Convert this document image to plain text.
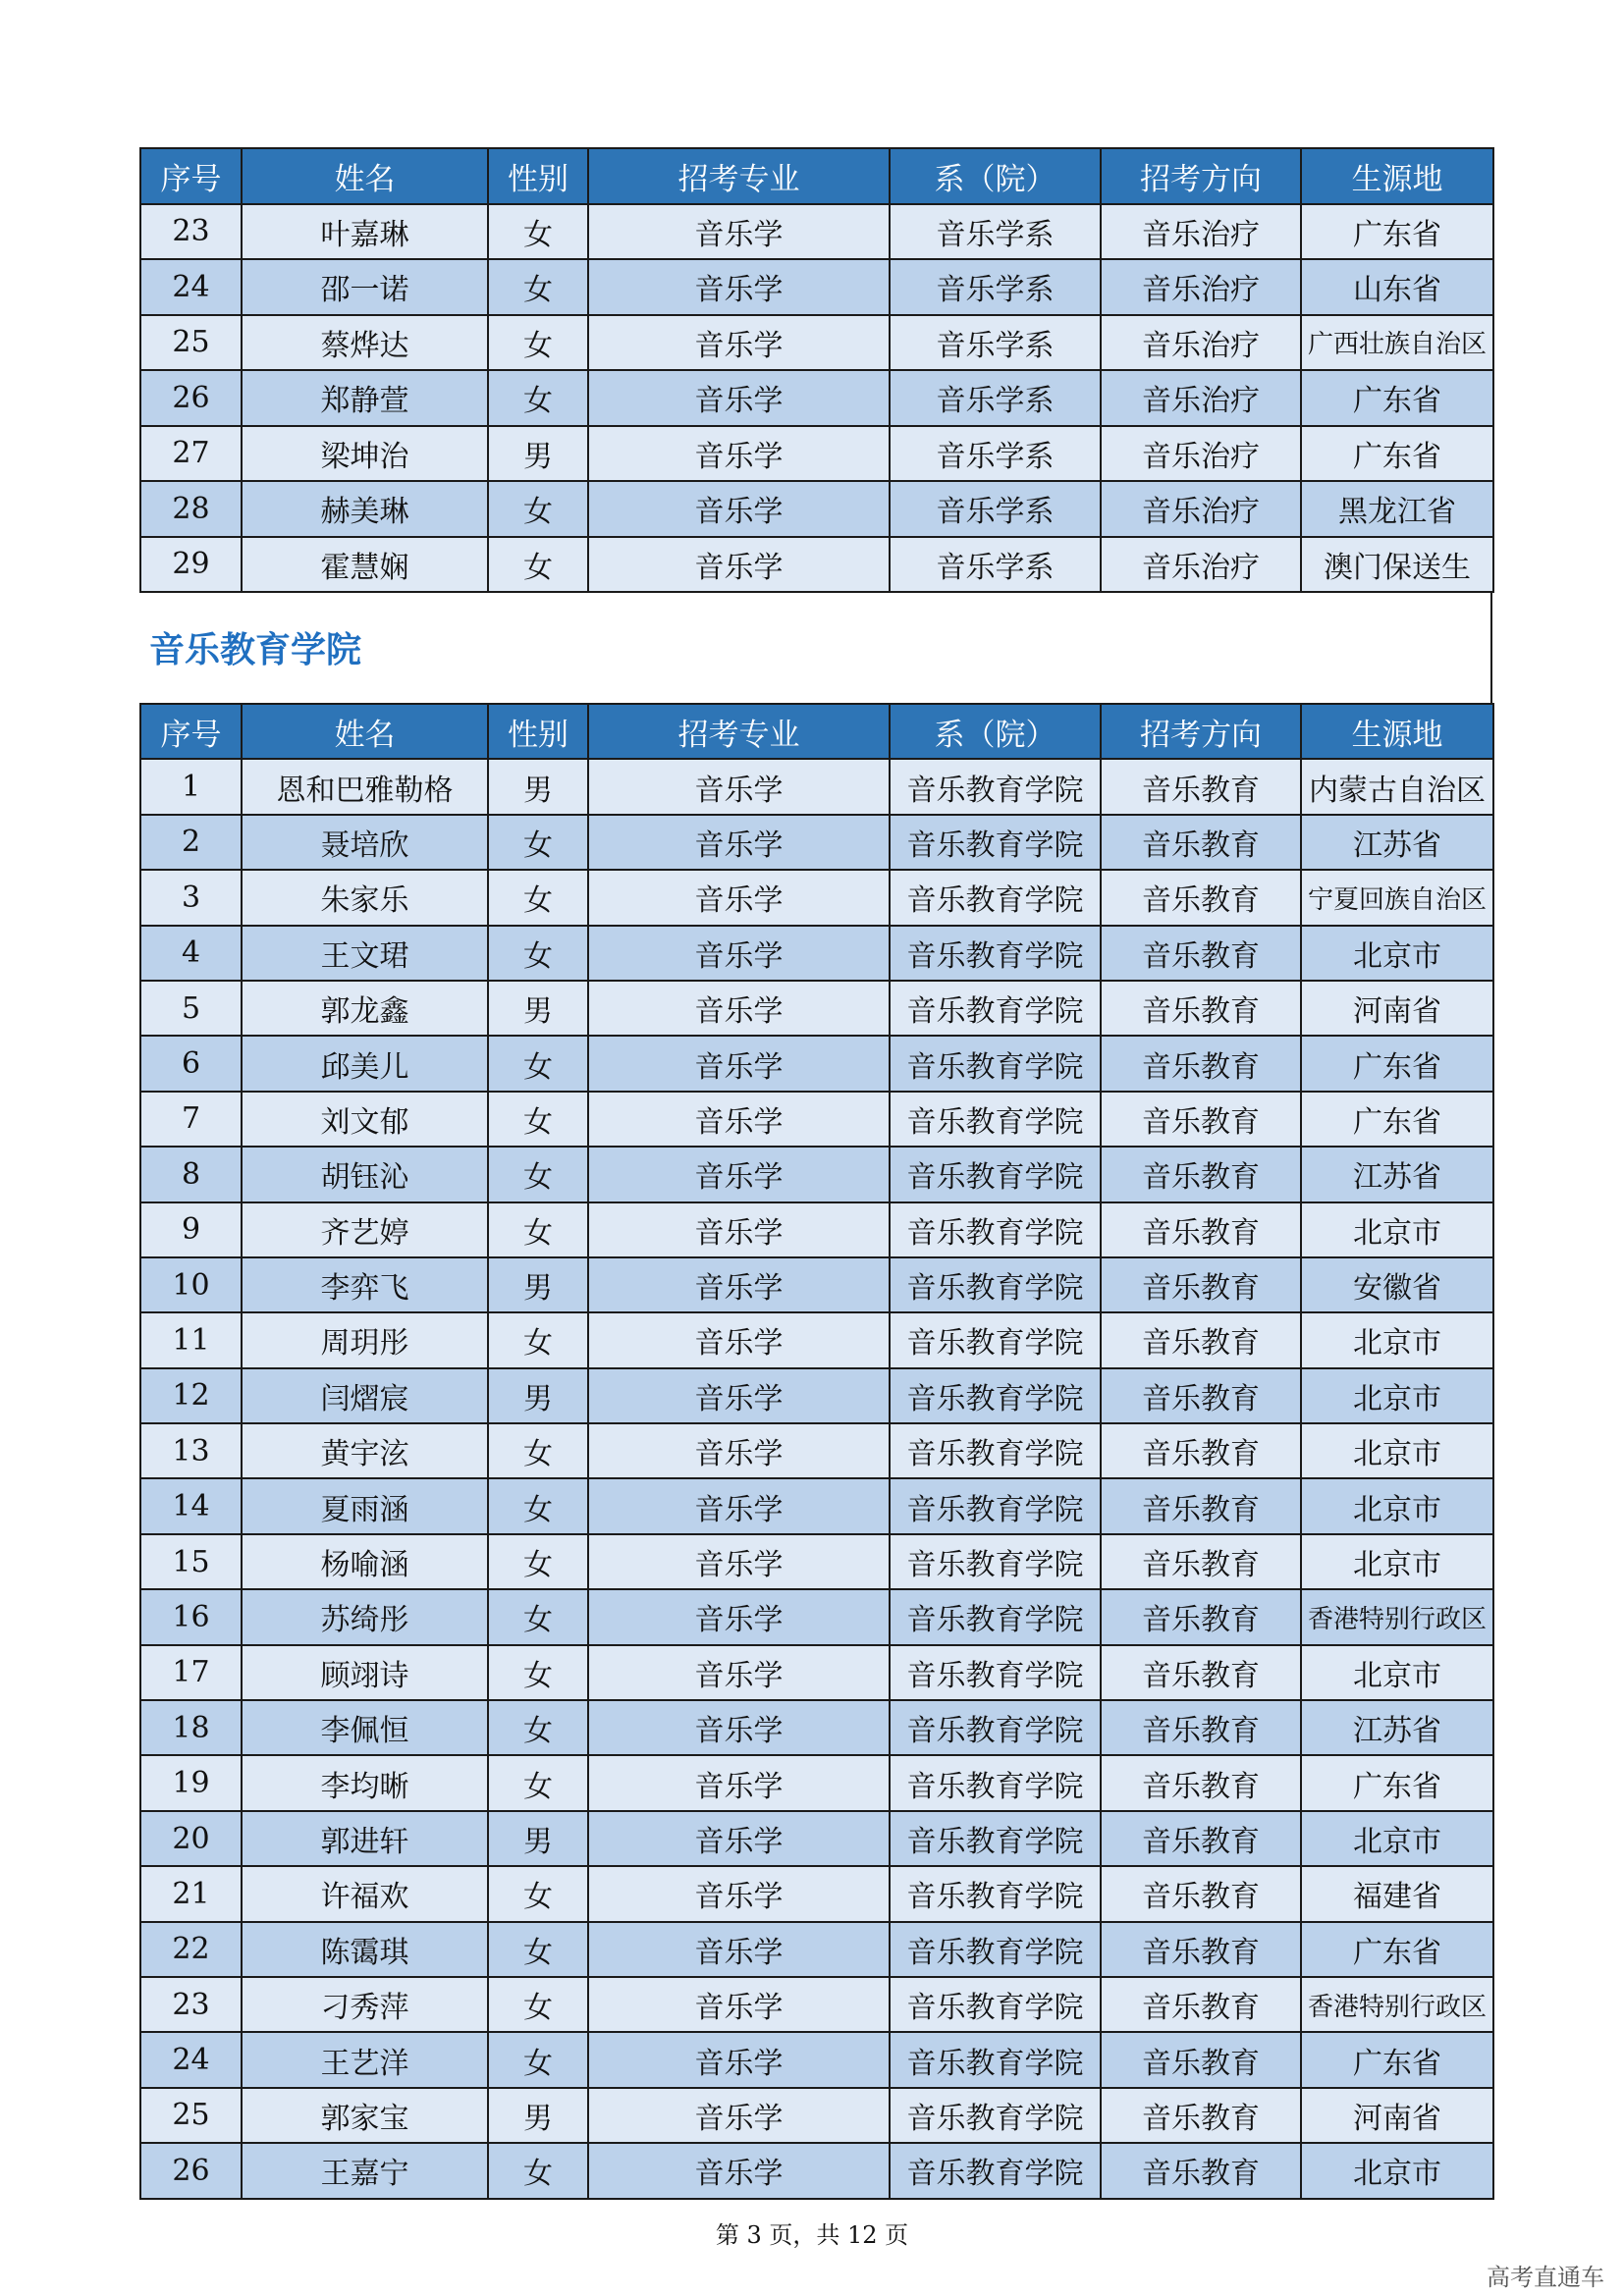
序号	姓名	性别	招考专业	系（院）	招考方向	生源地
23	叶嘉琳	女	音乐学	音乐学系	音乐治疗	广东省
24	邵一诺	女	音乐学	音乐学系	音乐治疗	山东省
25	蔡烨达	女	音乐学	音乐学系	音乐治疗	广西壮族自治区
26	郑静萱	女	音乐学	音乐学系	音乐治疗	广东省
27	梁坤治	男	音乐学	音乐学系	音乐治疗	广东省
28	赫美琳	女	音乐学	音乐学系	音乐治疗	黑龙江省
29	霍慧娴	女	音乐学	音乐学系	音乐治疗	澳门保送生
音乐教育学院
序号	姓名	性别	招考专业	系（院）	招考方向	生源地
1	恩和巴雅勒格	男	音乐学	音乐教育学院	音乐教育	内蒙古自治区
2	聂培欣	女	音乐学	音乐教育学院	音乐教育	江苏省
3	朱家乐	女	音乐学	音乐教育学院	音乐教育	宁夏回族自治区
4	王文珺	女	音乐学	音乐教育学院	音乐教育	北京市
5	郭龙鑫	男	音乐学	音乐教育学院	音乐教育	河南省
6	邱美儿	女	音乐学	音乐教育学院	音乐教育	广东省
7	刘文郁	女	音乐学	音乐教育学院	音乐教育	广东省
8	胡钰沁	女	音乐学	音乐教育学院	音乐教育	江苏省
9	齐艺婷	女	音乐学	音乐教育学院	音乐教育	北京市
10	李弈飞	男	音乐学	音乐教育学院	音乐教育	安徽省
11	周玥彤	女	音乐学	音乐教育学院	音乐教育	北京市
12	闫熠宸	男	音乐学	音乐教育学院	音乐教育	北京市
13	黄宇泫	女	音乐学	音乐教育学院	音乐教育	北京市
14	夏雨涵	女	音乐学	音乐教育学院	音乐教育	北京市
15	杨喻涵	女	音乐学	音乐教育学院	音乐教育	北京市
16	苏绮彤	女	音乐学	音乐教育学院	音乐教育	香港特别行政区
17	顾翊诗	女	音乐学	音乐教育学院	音乐教育	北京市
18	李佩恒	女	音乐学	音乐教育学院	音乐教育	江苏省
19	李均晰	女	音乐学	音乐教育学院	音乐教育	广东省
20	郭进轩	男	音乐学	音乐教育学院	音乐教育	北京市
21	许福欢	女	音乐学	音乐教育学院	音乐教育	福建省
22	陈霭琪	女	音乐学	音乐教育学院	音乐教育	广东省
23	刁秀萍	女	音乐学	音乐教育学院	音乐教育	香港特别行政区
24	王艺洋	女	音乐学	音乐教育学院	音乐教育	广东省
25	郭家宝	男	音乐学	音乐教育学院	音乐教育	河南省
26	王嘉宁	女	音乐学	音乐教育学院	音乐教育	北京市
第 3 页，共 12 页
高考直通车
